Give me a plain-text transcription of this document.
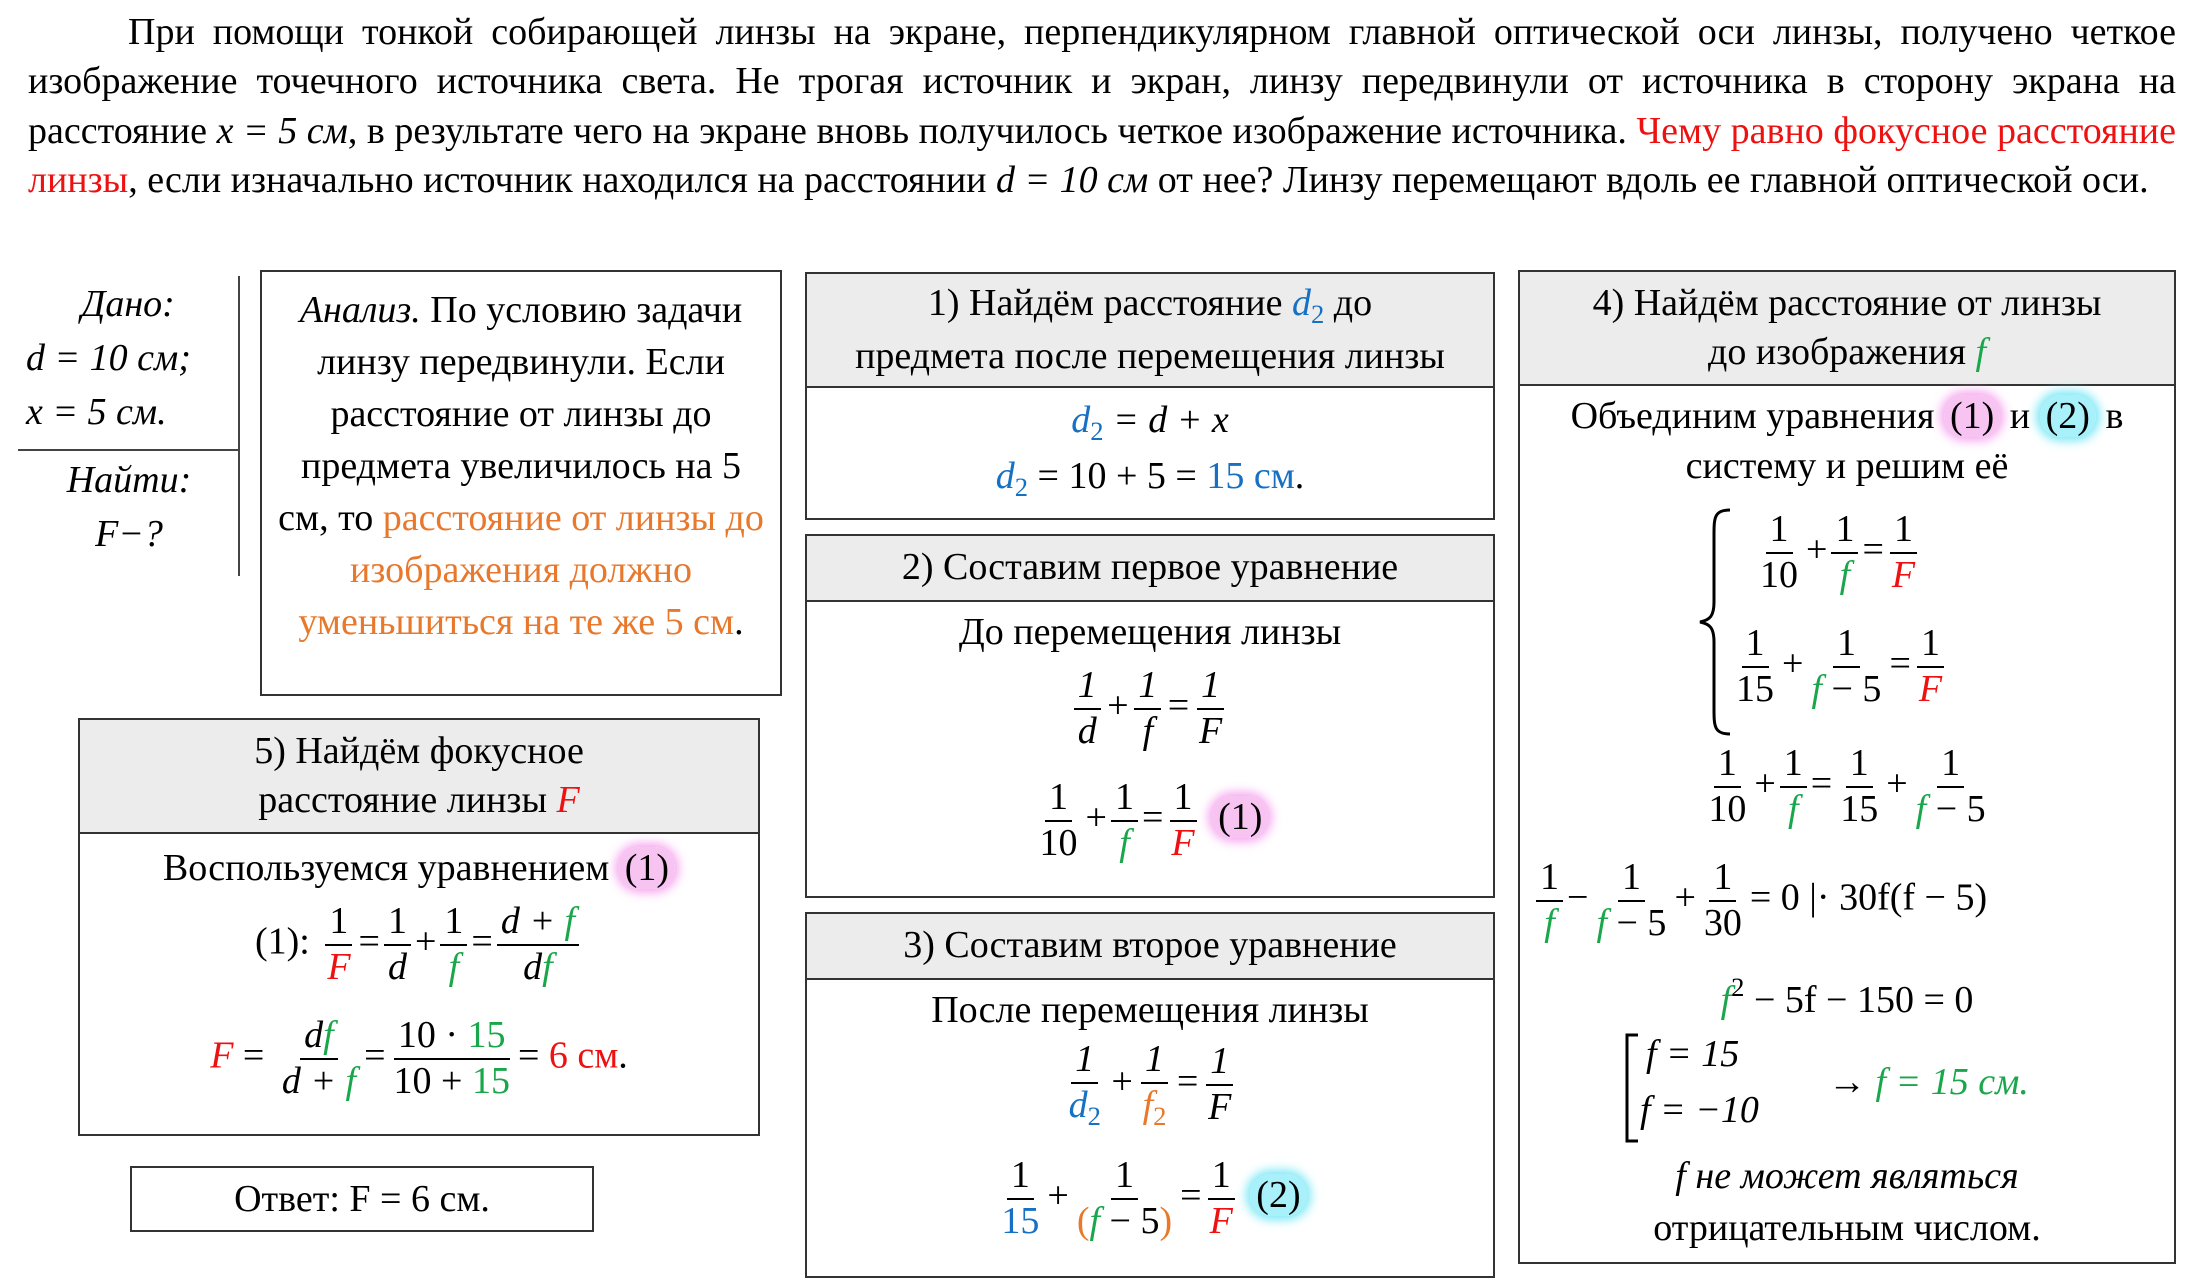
При помощи тонкой собирающей линзы на экране, перпендикулярном главной оптической оси линзы, получено четкое изображение точечного источника света. Не трогая источник и экран, линзу передвинули от источника в сторону экрана на расстояние x = 5 см, в результате чего на экране вновь получилось четкое изображение источника. Чему равно фокусное расстояние линзы, если изначально источник находился на расстоянии d = 10 см от нее? Линзу перемещают вдоль ее главной оптической оси.

Дано:
d = 10 см;
x = 5 см.
Найти:
F−?
Анализ. По условию задачи линзу передвинули. Если расстояние от линзы до предмета увеличилось на 5 см, то расстояние от линзы до изображения должно уменьшиться на те же 5 см.
1) Найдём расстояние $d_2$ до
предмета после перемещения линзы
$d_2 = d + x$
$d_2 = 10 + 5 = 15$ см.
2) Составим первое уравнение
До перемещения линзы
$\frac{1}{d} + \frac{1}{f} = \frac{1}{F}$
$\frac{1}{10} + \frac{1}{f} = \frac{1}{F} (1)$
3) Составим второе уравнение
После перемещения линзы
$\frac{1}{d_2} + \frac{1}{f_2} = \frac{1}{F}$
$\frac{1}{15} + \frac{1}{(f - 5)} = \frac{1}{F} (2)$
4) Найдём расстояние от линзы
до изображения f
Объединим уравнения (1) и (2) в
систему и решим её
$\frac{1}{10} + \frac{1}{f} = \frac{1}{F}$
$\frac{1}{15} + \frac{1}{f - 5} = \frac{1}{F}$
$\frac{1}{10} + \frac{1}{f} = \frac{1}{15} + \frac{1}{f - 5}$
$\frac{1}{f} - \frac{1}{f - 5} + \frac{1}{30} = 0$ |· 30f(f − 5)
$f^2 - 5f - 150 = 0$
f = 15
f = −10
→ f = 15 см.
f не может являться
отрицательным числом.
5) Найдём фокусное
расстояние линзы F
Воспользуемся уравнением (1)
(1): $\frac{1}{F} = \frac{1}{d} + \frac{1}{f} = \frac{d + f}{df}$
$F = \frac{df}{d + f} = \frac{10 \cdot 15}{10 + 15} = 6$ см.
Ответ: F = 6 см.
